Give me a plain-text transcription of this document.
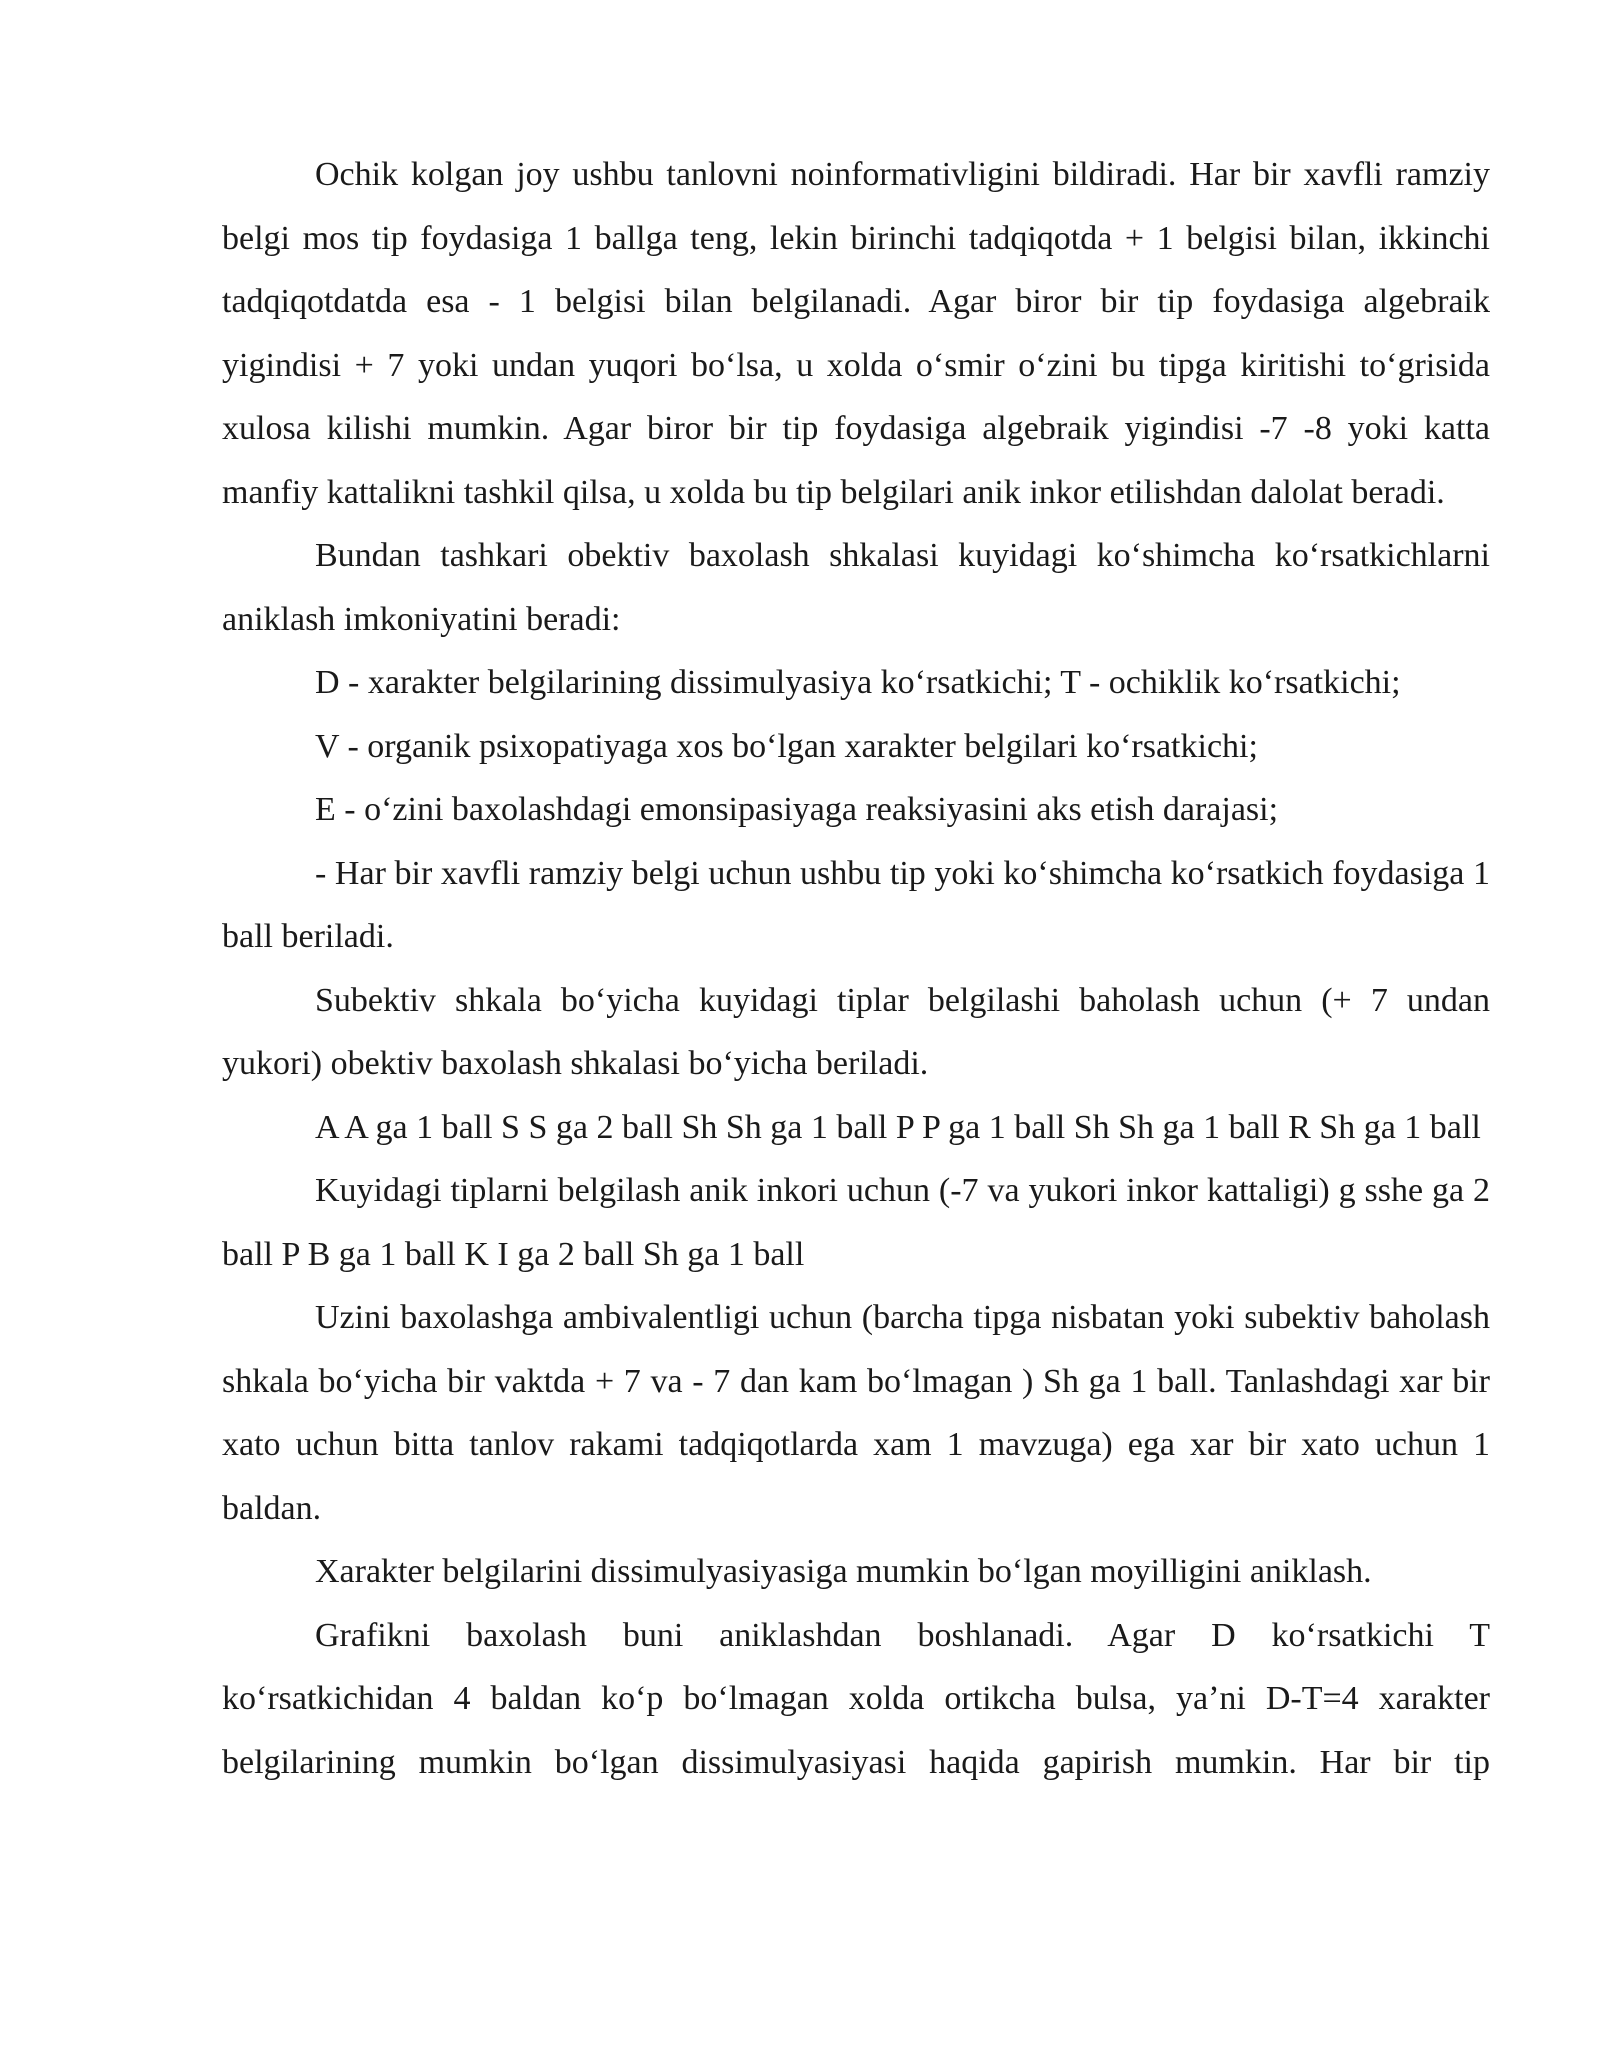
Ochik kolgan joy ushbu tanlovni noinformativligini bildiradi. Har bir xavfli ramziy belgi mos tip foydasiga 1 ballga teng, lekin birinchi tadqiqotda + 1 belgisi bilan, ikkinchi tadqiqotdatda esa - 1 belgisi bilan belgilanadi. Agar biror bir tip foydasiga algebraik yigindisi + 7 yoki undan yuqori boʻlsa, u xolda oʻsmir oʻzini bu tipga kiritishi toʻgrisida xulosa kilishi mumkin. Agar biror bir tip foydasiga algebraik yigindisi -7 -8 yoki katta manfiy kattalikni tashkil qilsa, u xolda bu tip belgilari anik inkor etilishdan dalolat beradi.

Bundan tashkari obektiv baxolash shkalasi kuyidagi koʻshimcha koʻrsatkichlarni aniklash imkoniyatini beradi:

D - xarakter belgilarining dissimulyasiya koʻrsatkichi; T - ochiklik koʻrsatkichi;

V - organik psixopatiyaga xos boʻlgan xarakter belgilari koʻrsatkichi;

E - oʻzini baxolashdagi emonsipasiyaga reaksiyasini aks etish darajasi;

- Har bir xavfli ramziy belgi uchun ushbu tip yoki koʻshimcha koʻrsatkich foydasiga 1 ball beriladi.

Subektiv shkala boʻyicha kuyidagi tiplar belgilashi baholash uchun (+ 7 undan yukori) obektiv baxolash shkalasi boʻyicha beriladi.

A A ga 1 ball S S ga 2 ball Sh Sh ga 1 ball P P ga 1 ball Sh Sh ga 1 ball R Sh ga 1 ball

Kuyidagi tiplarni belgilash anik inkori uchun (-7 va yukori inkor kattaligi) g sshe ga 2 ball P B ga 1 ball K I ga 2 ball Sh ga 1 ball

Uzini baxolashga ambivalentligi uchun (barcha tipga nisbatan yoki subektiv baholash shkala boʻyicha bir vaktda + 7 va - 7 dan kam boʻlmagan ) Sh ga 1 ball. Tanlashdagi xar bir xato uchun bitta tanlov rakami tadqiqotlarda xam 1 mavzuga) ega xar bir xato uchun 1 baldan.

Xarakter belgilarini dissimulyasiyasiga mumkin boʻlgan moyilligini aniklash.

Grafikni baxolash buni aniklashdan boshlanadi. Agar D koʻrsatkichi T koʻrsatkichidan 4 baldan koʻp boʻlmagan xolda ortikcha bulsa, yaʼni D-T=4 xarakter belgilarining mumkin boʻlgan dissimulyasiyasi haqida gapirish mumkin. Har bir tip
